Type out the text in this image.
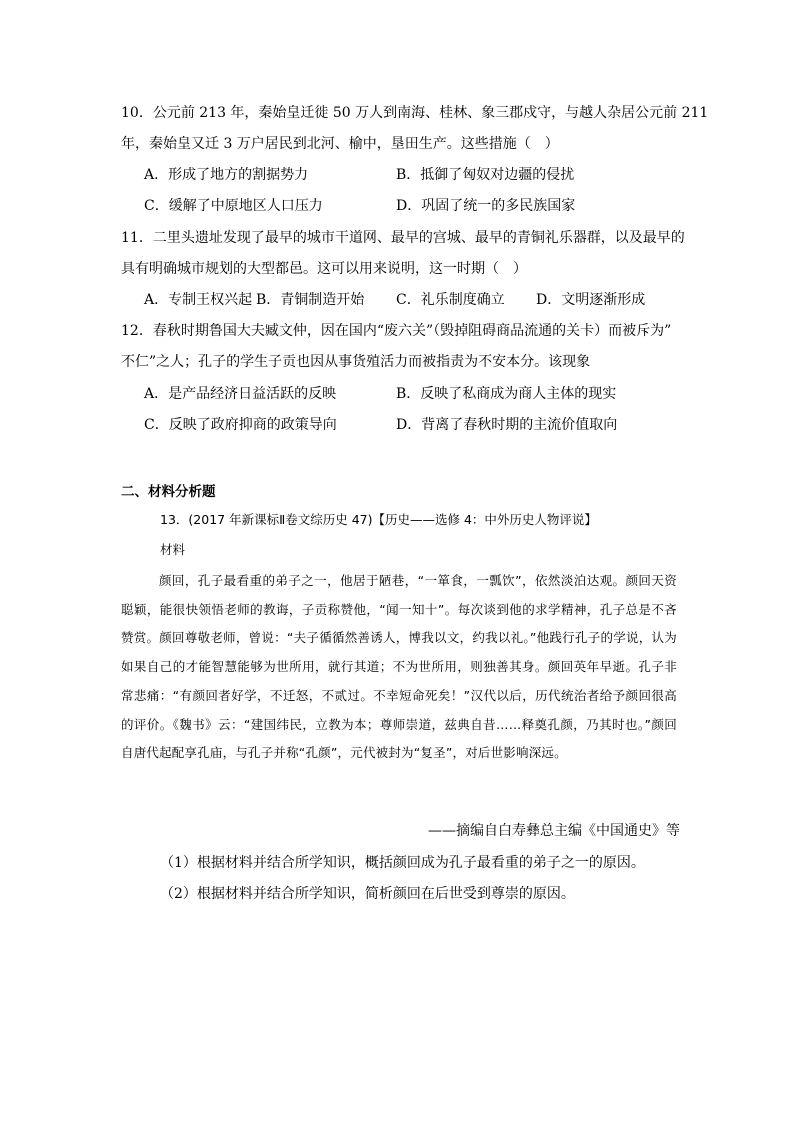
10．公元前 213 年，秦始皇迁徙 50 万人到南海、桂林、象三郡戍守，与越人杂居公元前 211
年，秦始皇又迁 3 万户居民到北河、榆中，垦田生产。这些措施（　）
A．形成了地方的割据势力	B．抵御了匈奴对边疆的侵扰
C．缓解了中原地区人口压力	D．巩固了统一的多民族国家
11．二里头遗址发现了最早的城市干道网、最早的宫城、最早的青铜礼乐器群，以及最早的
具有明确城市规划的大型都邑。这可以用来说明，这一时期（　）
A．专制王权兴起 B．青铜制造开始 C．礼乐制度确立 D．文明逐渐形成
12．春秋时期鲁国大夫臧文仲，因在国内“废六关”（毁掉阻碍商品流通的关卡）而被斥为”
不仁”之人；孔子的学生子贡也因从事货殖活力而被指责为不安本分。该现象
A．是产品经济日益活跃的反映	B．反映了私商成为商人主体的现实
C．反映了政府抑商的政策导向	D．背离了春秋时期的主流价值取向
二、材料分析题
13．(2017 年新课标Ⅱ卷文综历史 47)【历史——选修 4：中外历史人物评说】
材料

颜回，孔子最看重的弟子之一，他居于陋巷，“一箪食，一瓢饮”，依然淡泊达观。颜回天资聪颖，能很快领悟老师的教诲，子贡称赞他，“闻一知十”。每次谈到他的求学精神，孔子总是不吝赞赏。颜回尊敬老师，曾说：“夫子循循然善诱人，博我以文，约我以礼。”他践行孔子的学说，认为如果自己的才能智慧能够为世所用，就行其道；不为世所用，则独善其身。颜回英年早逝。孔子非常悲痛：“有颜回者好学，不迁怒，不贰过。不幸短命死矣！”汉代以后，历代统治者给予颜回很高的评价。《魏书》云：“建国纬民，立教为本；尊师崇道，兹典自昔……释奠孔颜，乃其时也。”颜回自唐代起配享孔庙，与孔子并称“孔颜”，元代被封为“复圣”，对后世影响深远。

——摘编自白寿彝总主编《中国通史》等
（1）根据材料并结合所学知识，概括颜回成为孔子最看重的弟子之一的原因。
（2）根据材料并结合所学知识，简析颜回在后世受到尊崇的原因。
